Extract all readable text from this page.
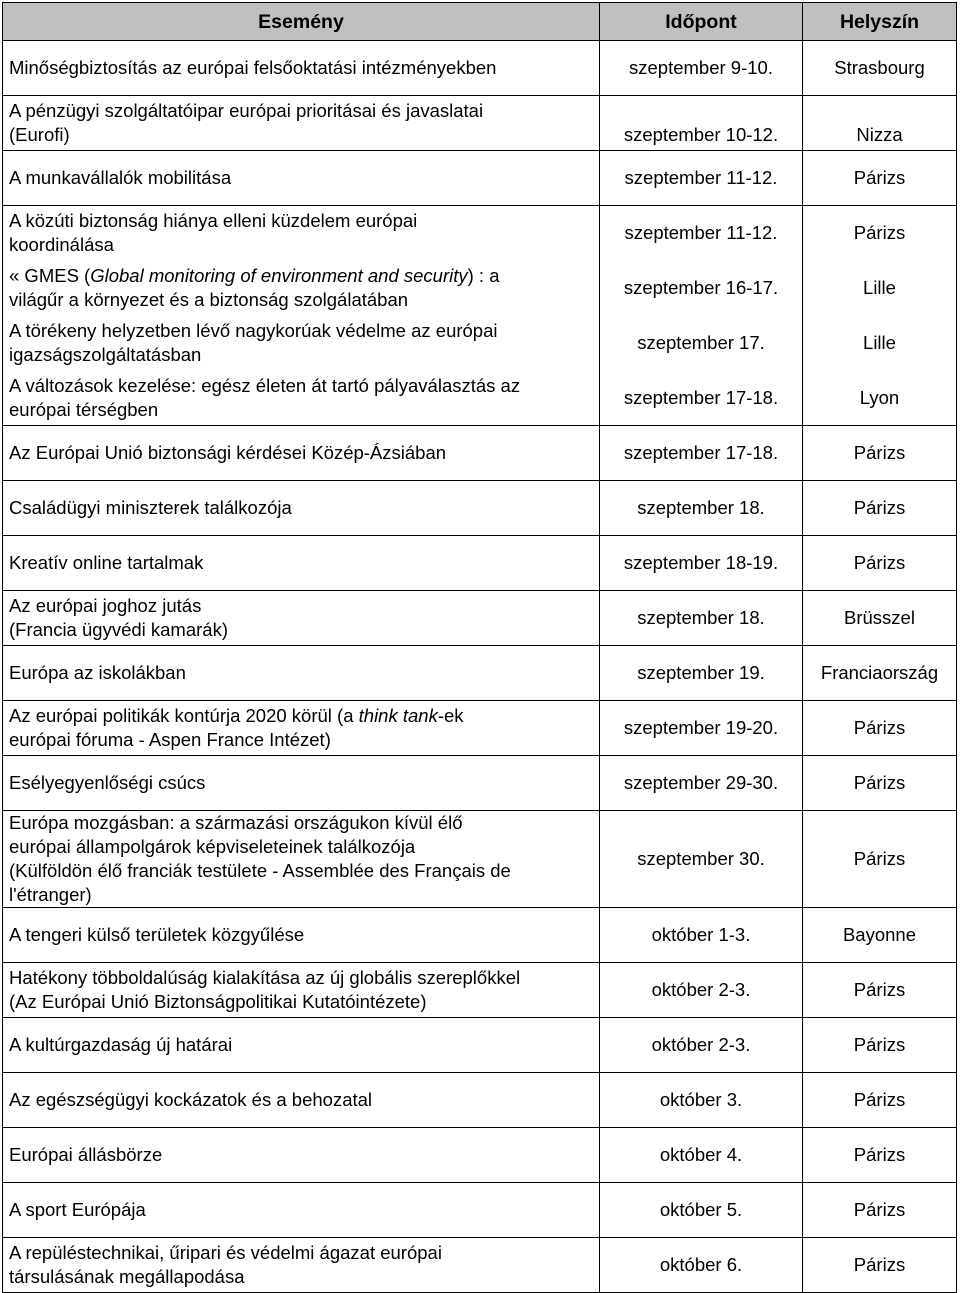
Esemény	Időpont	Helyszín
Minőségbiztosítás az európai felsőoktatási intézményekben	szeptember 9-10.	Strasbourg
A pénzügyi szolgáltatóipar európai prioritásai és javaslatai
(Eurofi)	szeptember 10-12.	Nizza
A munkavállalók mobilitása	szeptember 11-12.	Párizs
A közúti biztonság hiánya elleni küzdelem európai
koordinálása	szeptember 11-12.	Párizs
« GMES (Global monitoring of environment and security) : a
világűr a környezet és a biztonság szolgálatában	szeptember 16-17.	Lille
A törékeny helyzetben lévő nagykorúak védelme az európai
igazságszolgáltatásban	szeptember 17.	Lille
A változások kezelése: egész életen át tartó pályaválasztás az
európai térségben	szeptember 17-18.	Lyon
Az Európai Unió biztonsági kérdései Közép-Ázsiában	szeptember 17-18.	Párizs
Családügyi miniszterek találkozója	szeptember 18.	Párizs
Kreatív online tartalmak	szeptember 18-19.	Párizs
Az európai joghoz jutás
(Francia ügyvédi kamarák)	szeptember 18.	Brüsszel
Európa az iskolákban	szeptember 19.	Franciaország
Az európai politikák kontúrja 2020 körül (a think tank-ek
európai fóruma - Aspen France Intézet)	szeptember 19-20.	Párizs
Esélyegyenlőségi csúcs	szeptember 29-30.	Párizs
Európa mozgásban: a származási országukon kívül élő
európai állampolgárok képviseleteinek találkozója
(Külföldön élő franciák testülete - Assemblée des Français de
l'étranger)	szeptember 30.	Párizs
A tengeri külső területek közgyűlése	október 1-3.	Bayonne
Hatékony többoldalúság kialakítása az új globális szereplőkkel
(Az Európai Unió Biztonságpolitikai Kutatóintézete)	október 2-3.	Párizs
A kultúrgazdaság új határai	október 2-3.	Párizs
Az egészségügyi kockázatok és a behozatal	október 3.	Párizs
Európai állásbörze	október 4.	Párizs
A sport Európája	október 5.	Párizs
A repüléstechnikai, űripari és védelmi ágazat európai
társulásának megállapodása	október 6.	Párizs
